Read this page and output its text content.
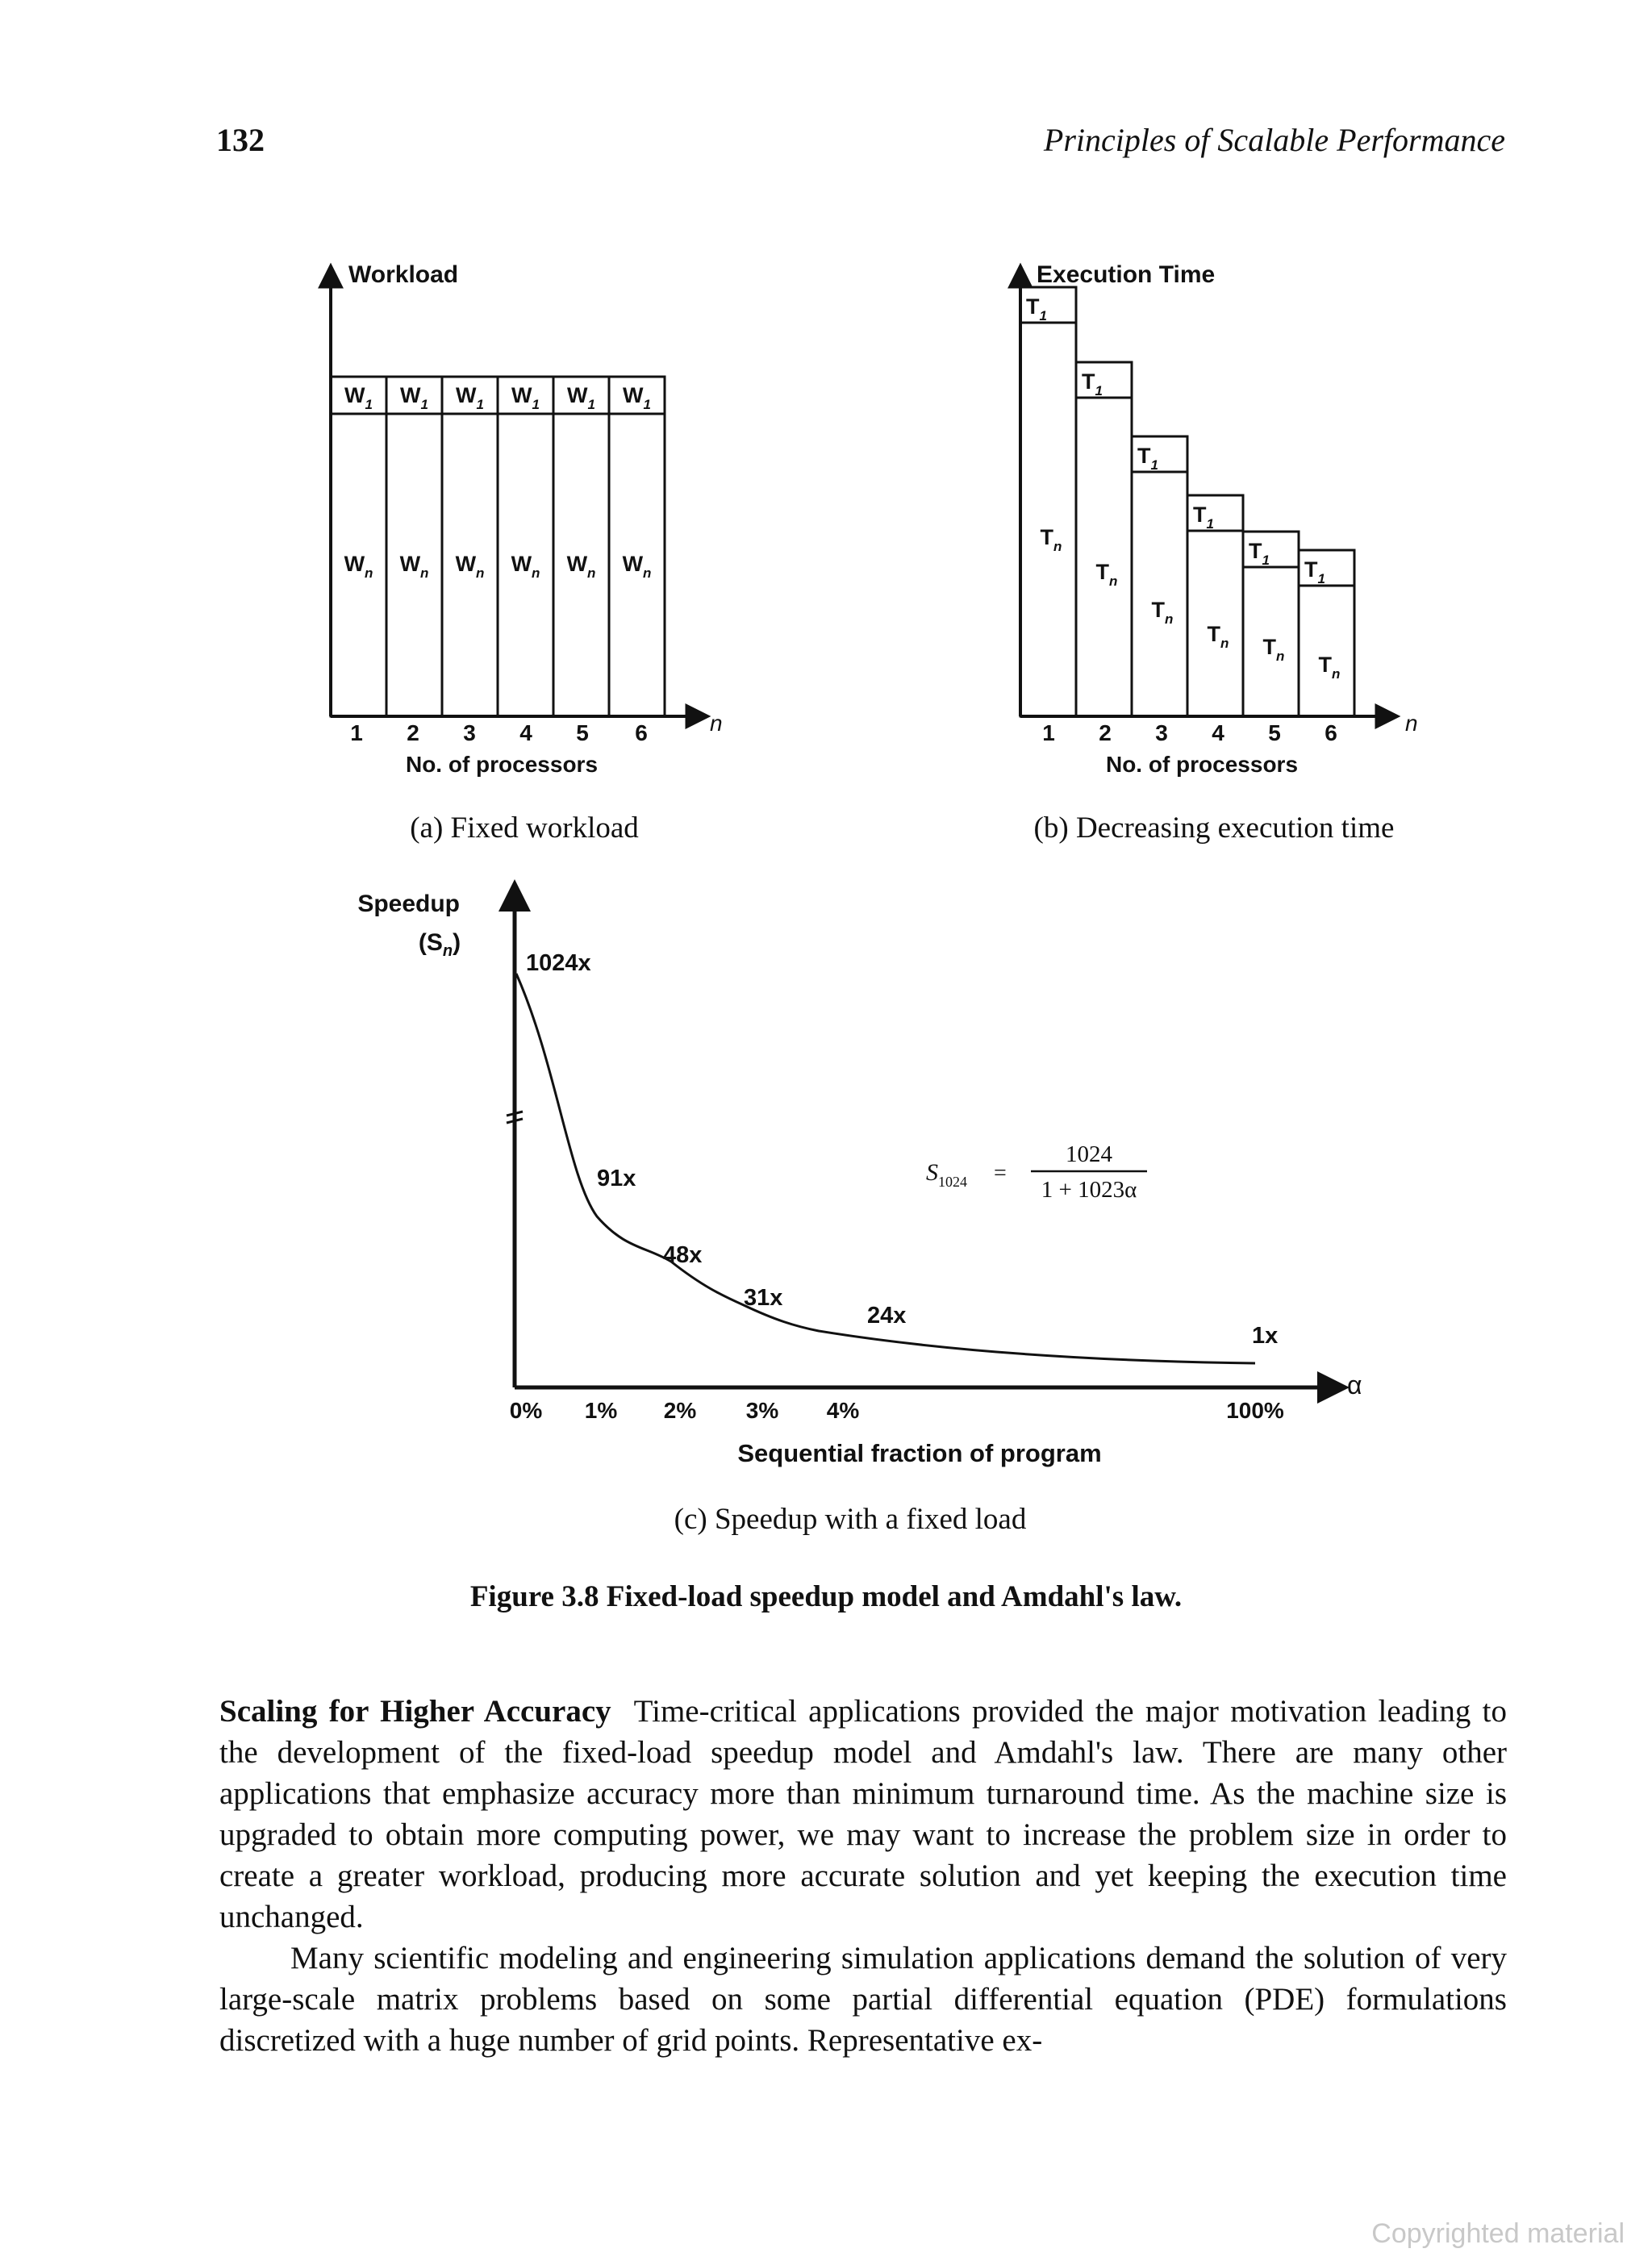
132	Principles of Scalable Performance
Workload
$W_1$
$W_n$
$W_1$
$W_n$
$W_1$
$W_n$
$W_1$
$W_n$
$W_1$
$W_n$
$W_1$
$W_n$
1 2 3 4 5 6	n
No. of processors
Execution Time
$T_1$
$T_n$
$T_1$
$T_n$
$T_1$
$T_n$
$T_1$
$T_n$
$T_1$
$T_n$
$T_1$
$T_n$
1 2 3 4 5 6	n
No. of processors
Speedup
$(S_n)$
1024x
91x
48x
31x
24x
1x
0% 1% 2% 3% 4%	100%
α
Sequential fraction of program
$S_{1024}$ =
1024
1 + 1023α
(a) Fixed workload	(b) Decreasing execution time
(c) Speedup with a fixed load
Figure 3.8 Fixed-load speedup model and Amdahl's law.

Scaling for Higher Accuracy Time-critical applications provided the major motivation leading to the development of the fixed-load speedup model and Amdahl's law. There are many other applications that emphasize accuracy more than minimum turnaround time. As the machine size is upgraded to obtain more computing power, we may want to increase the problem size in order to create a greater workload, producing more accurate solution and yet keeping the execution time unchanged.

Many scientific modeling and engineering simulation applications demand the solution of very large-scale matrix problems based on some partial differential equation (PDE) formulations discretized with a huge number of grid points. Representative ex-

Copyrighted material
